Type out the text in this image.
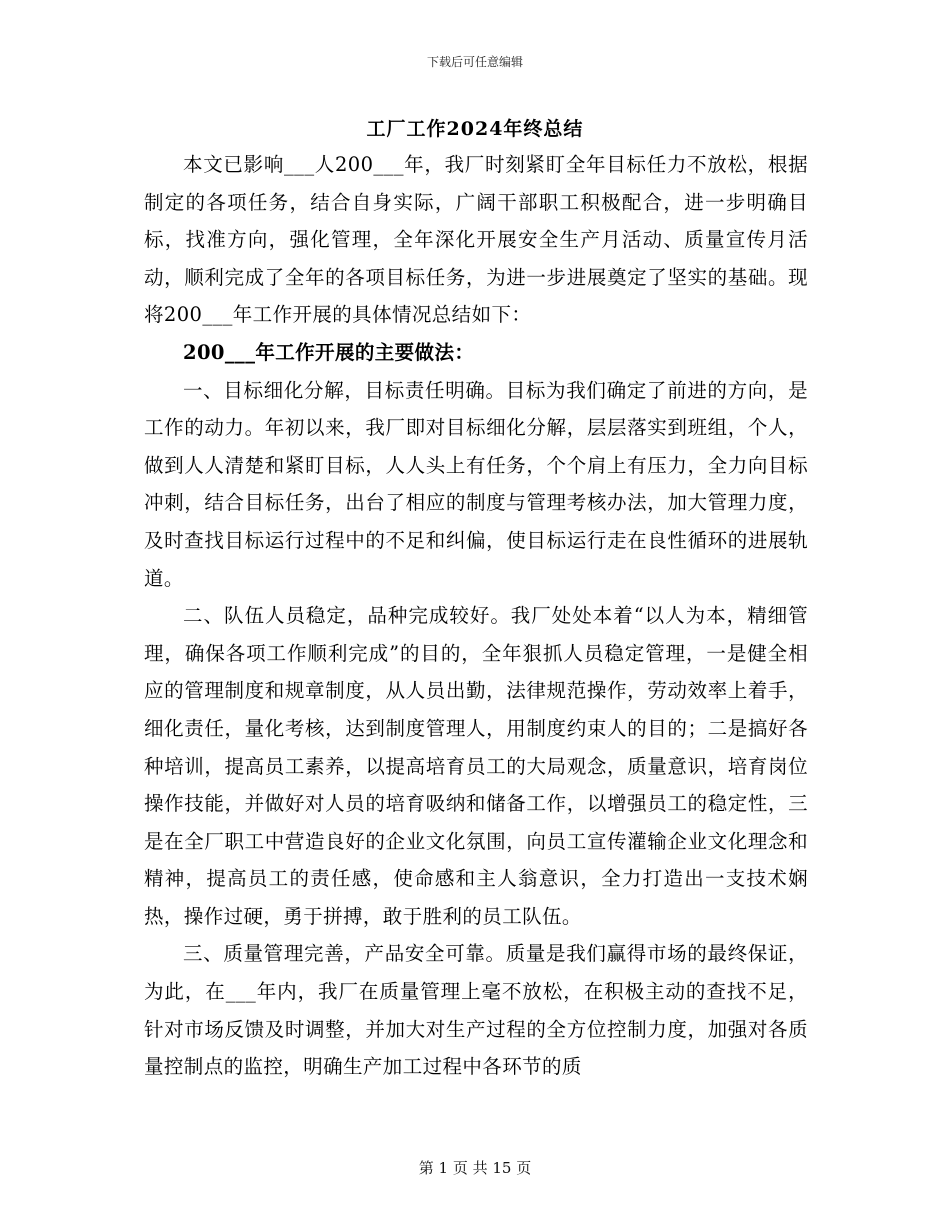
下载后可任意编辑
工厂工作2024年终总结

本文已影响___人200___年，我厂时刻紧盯全年目标任力不放松，根据制定的各项任务，结合自身实际，广阔干部职工积极配合，进一步明确目标，找准方向，强化管理，全年深化开展安全生产月活动、质量宣传月活动，顺利完成了全年的各项目标任务，为进一步进展奠定了坚实的基础。现将200___年工作开展的具体情况总结如下：

200___年工作开展的主要做法：

一、目标细化分解，目标责任明确。目标为我们确定了前进的方向，是工作的动力。年初以来，我厂即对目标细化分解，层层落实到班组，个人，做到人人清楚和紧盯目标，人人头上有任务，个个肩上有压力，全力向目标冲刺，结合目标任务，出台了相应的制度与管理考核办法，加大管理力度，及时查找目标运行过程中的不足和纠偏，使目标运行走在良性循环的进展轨道。

二、队伍人员稳定，品种完成较好。我厂处处本着“以人为本，精细管理，确保各项工作顺利完成”的目的，全年狠抓人员稳定管理，一是健全相应的管理制度和规章制度，从人员出勤，法律规范操作，劳动效率上着手，细化责任，量化考核，达到制度管理人，用制度约束人的目的；二是搞好各种培训，提高员工素养，以提高培育员工的大局观念，质量意识，培育岗位操作技能，并做好对人员的培育吸纳和储备工作，以增强员工的稳定性，三是在全厂职工中营造良好的企业文化氛围，向员工宣传灌输企业文化理念和精神，提高员工的责任感，使命感和主人翁意识，全力打造出一支技术娴热，操作过硬，勇于拼搏，敢于胜利的员工队伍。

三、质量管理完善，产品安全可靠。质量是我们赢得市场的最终保证，为此，在___年内，我厂在质量管理上毫不放松，在积极主动的查找不足，针对市场反馈及时调整，并加大对生产过程的全方位控制力度，加强对各质量控制点的监控，明确生产加工过程中各环节的质

第 1 页 共 15 页
